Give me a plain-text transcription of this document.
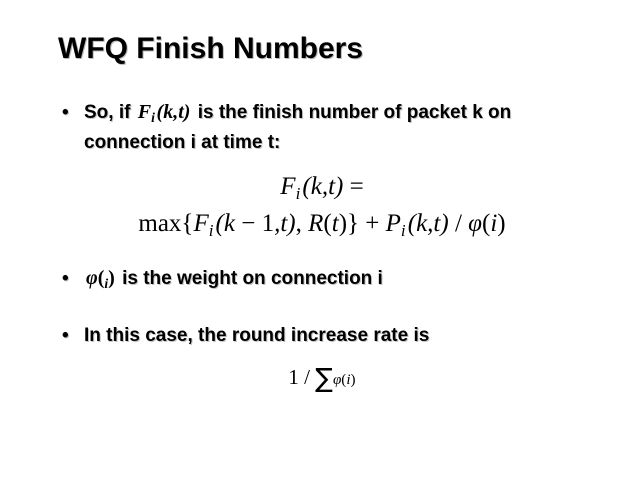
WFQ Finish Numbers
• So, if $F_i$ (k,t) is the finish number of packet k on connection i at time t:
$F_i$ (k,t) =
$\max\{F_i$ (k − 1,t), $R(t)\} + P_i$ (k,t) / φ(i)
• $\varphi(_i)$ is the weight on connection i
• In this case, the round increase rate is
1 / ∑φ(i)
